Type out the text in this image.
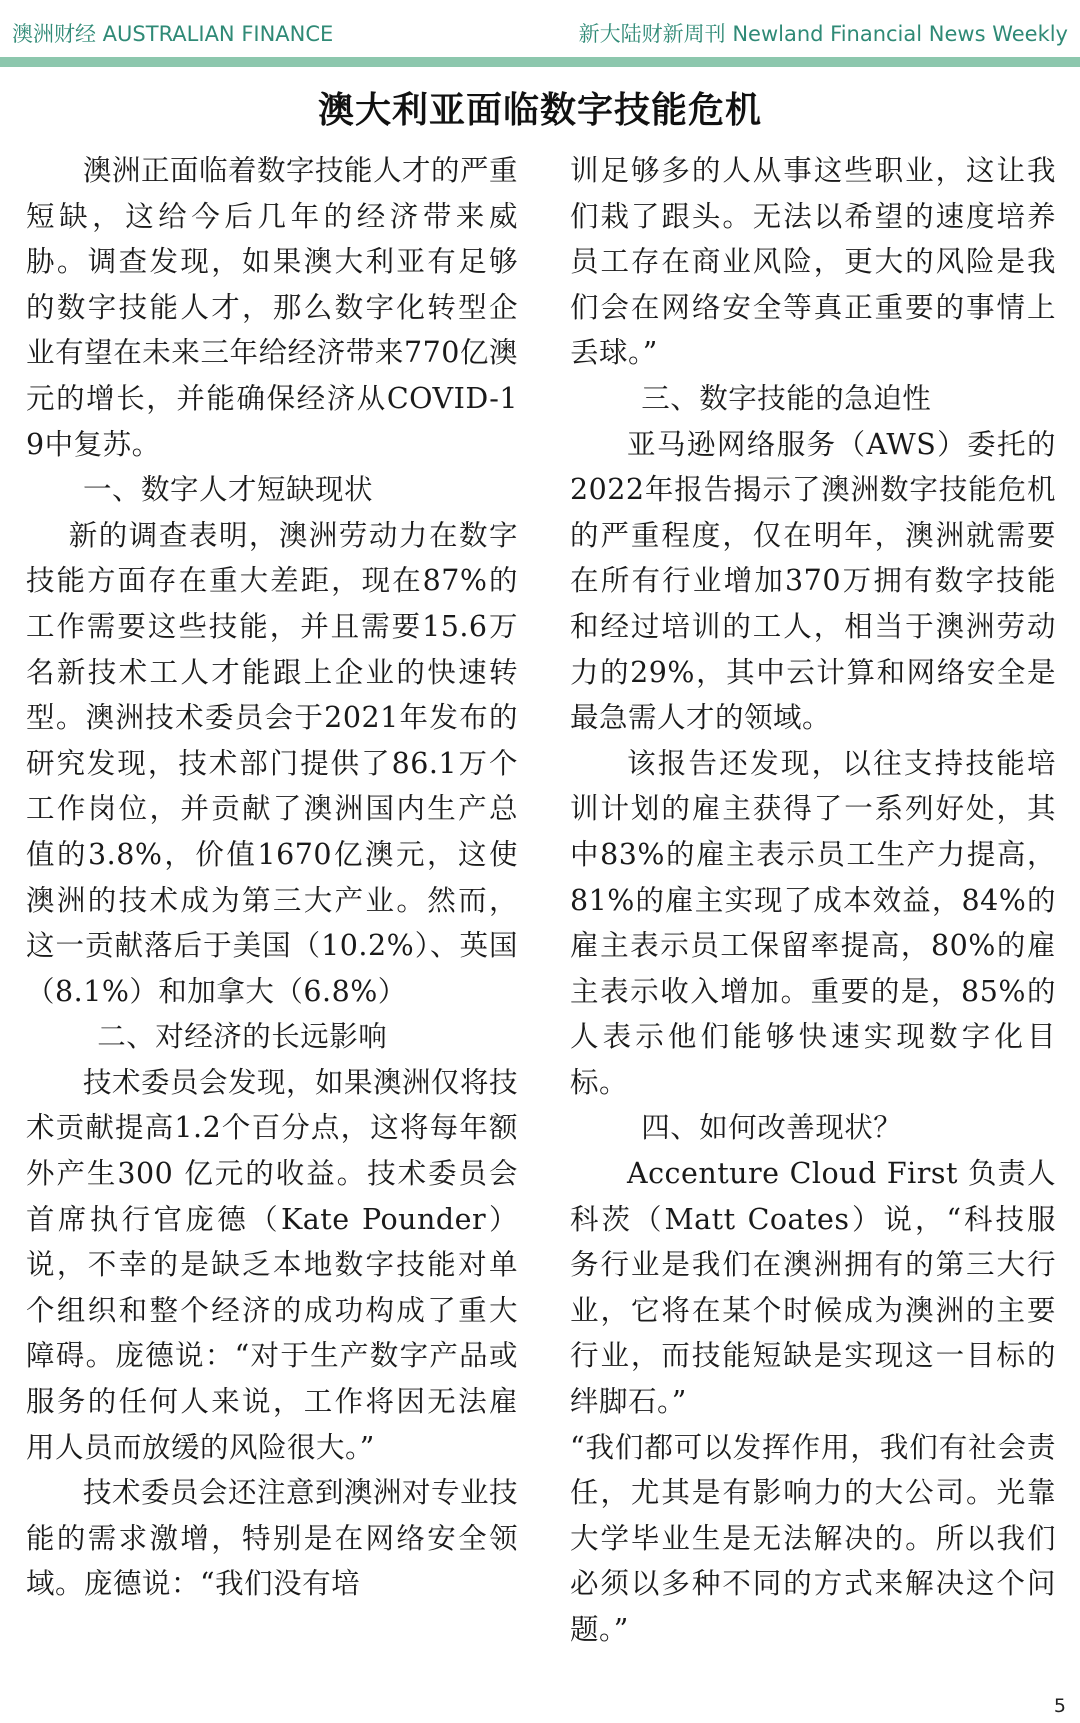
澳洲财经 AUSTRALIAN FINANCE	新大陆财新周刊 Newland Financial News Weekly
澳大利亚面临数字技能危机

澳洲正面临着数字技能人才的严重短缺，这给今后几年的经济带来威胁。调查发现，如果澳大利亚有足够的数字技能人才，那么数字化转型企业有望在未来三年给经济带来770亿澳元的增长，并能确保经济从COVID-19中复苏。

一、数字人才短缺现状

新的调查表明，澳洲劳动力在数字技能方面存在重大差距，现在87%的工作需要这些技能，并且需要15.6万名新技术工人才能跟上企业的快速转型。澳洲技术委员会于2021年发布的研究发现，技术部门提供了86.1万个工作岗位，并贡献了澳洲国内生产总值的3.8%，价值1670亿澳元，这使澳洲的技术成为第三大产业。然而，这一贡献落后于美国（10.2%）、英国（8.1%）和加拿大（6.8%）

二、对经济的长远影响

技术委员会发现，如果澳洲仅将技术贡献提高1.2个百分点，这将每年额外产生300 亿元的收益。技术委员会首席执行官庞德（Kate Pounder）说，不幸的是缺乏本地数字技能对单个组织和整个经济的成功构成了重大障碍。庞德说：“对于生产数字产品或服务的任何人来说，工作将因无法雇用人员而放缓的风险很大。”

技术委员会还注意到澳洲对专业技能的需求激增，特别是在网络安全领域。庞德说：“我们没有培

训足够多的人从事这些职业，这让我们栽了跟头。无法以希望的速度培养员工存在商业风险，更大的风险是我们会在网络安全等真正重要的事情上丢球。”

三、数字技能的急迫性

亚马逊网络服务（AWS）委托的2022年报告揭示了澳洲数字技能危机的严重程度，仅在明年，澳洲就需要在所有行业增加370万拥有数字技能和经过培训的工人，相当于澳洲劳动力的29%，其中云计算和网络安全是最急需人才的领域。

该报告还发现，以往支持技能培训计划的雇主获得了一系列好处，其中83%的雇主表示员工生产力提高，81%的雇主实现了成本效益，84%的雇主表示员工保留率提高，80%的雇主表示收入增加。重要的是，85%的人表示他们能够快速实现数字化目标。

四、如何改善现状？

Accenture Cloud First 负责人科茨（Matt Coates）说，“科技服务行业是我们在澳洲拥有的第三大行业，它将在某个时候成为澳洲的主要行业，而技能短缺是实现这一目标的绊脚石。”

“我们都可以发挥作用，我们有社会责任，尤其是有影响力的大公司。光靠大学毕业生是无法解决的。所以我们必须以多种不同的方式来解决这个问题。”

5
